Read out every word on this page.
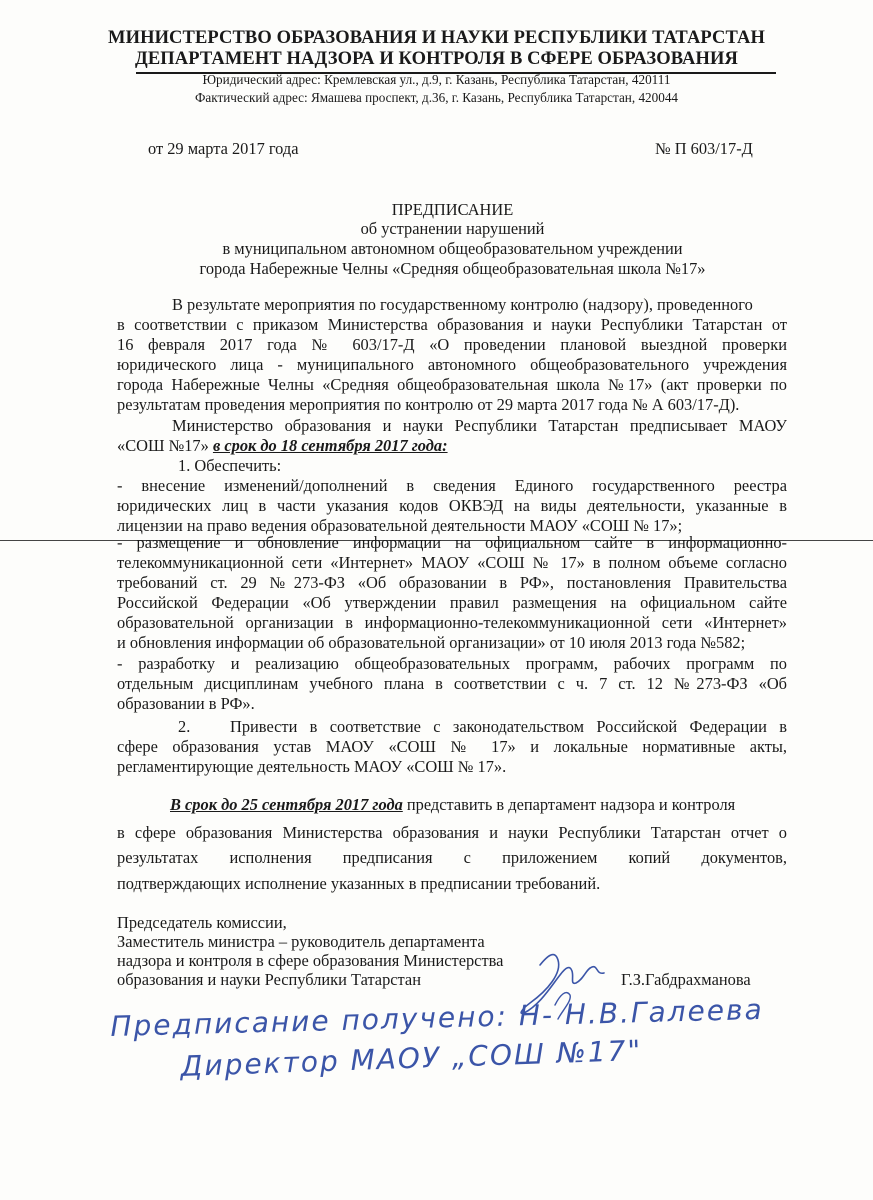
МИНИСТЕРСТВО ОБРАЗОВАНИЯ И НАУКИ РЕСПУБЛИКИ ТАТАРСТАН
ДЕПАРТАМЕНТ НАДЗОРА И КОНТРОЛЯ В СФЕРЕ ОБРАЗОВАНИЯ
Юридический адрес: Кремлевская ул., д.9, г. Казань, Республика Татарстан, 420111
Фактический адрес: Ямашева проспект, д.36, г. Казань, Республика Татарстан, 420044
от 29 марта 2017 года	№ П 603/17-Д
ПРЕДПИСАНИЕ
об устранении нарушений
в муниципальном автономном общеобразовательном учреждении
города Набережные Челны «Средняя общеобразовательная школа №17»
В результате мероприятия по государственному контролю (надзору), проведенного
в соответствии с приказом Министерства образования и науки Республики Татарстан от
16 февраля 2017 года № 603/17-Д «О проведении плановой выездной проверки
юридического лица - муниципального автономного общеобразовательного учреждения
города Набережные Челны «Средняя общеобразовательная школа №17» (акт проверки по
результатам проведения мероприятия по контролю от 29 марта 2017 года № А 603/17-Д).
Министерство образования и науки Республики Татарстан предписывает МАОУ
«СОШ №17» в срок до 18 сентября 2017 года:
1. Обеспечить:
- внесение изменений/дополнений в сведения Единого государственного реестра
юридических лиц в части указания кодов ОКВЭД на виды деятельности, указанные в
лицензии на право ведения образовательной деятельности МАОУ «СОШ № 17»;
- размещение и обновление информации на официальном сайте в информационно-
телекоммуникационной сети «Интернет» МАОУ «СОШ № 17» в полном объеме согласно
требований ст. 29 №273-ФЗ «Об образовании в РФ», постановления Правительства
Российской Федерации «Об утверждении правил размещения на официальном сайте
образовательной организации в информационно-телекоммуникационной сети «Интернет»
и обновления информации об образовательной организации» от 10 июля 2013 года №582;
- разработку и реализацию общеобразовательных программ, рабочих программ по
отдельным дисциплинам учебного плана в соответствии с ч. 7 ст. 12 №273-ФЗ «Об
образовании в РФ».
2. Привести в соответствие с законодательством Российской Федерации в
сфере образования устав МАОУ «СОШ № 17» и локальные нормативные акты,
регламентирующие деятельность МАОУ «СОШ № 17».
В срок до 25 сентября 2017 года представить в департамент надзора и контроля
в сфере образования Министерства образования и науки Республики Татарстан отчет о
результатах исполнения предписания с приложением копий документов,
подтверждающих исполнение указанных в предписании требований.
Председатель комиссии,
Заместитель министра – руководитель департамента
надзора и контроля в сфере образования Министерства
образования и науки Республики Татарстан	Г.З.Габдрахманова
Предписание получено: Н- Н.В.Галеева
Директор МАОУ „СОШ №17"
